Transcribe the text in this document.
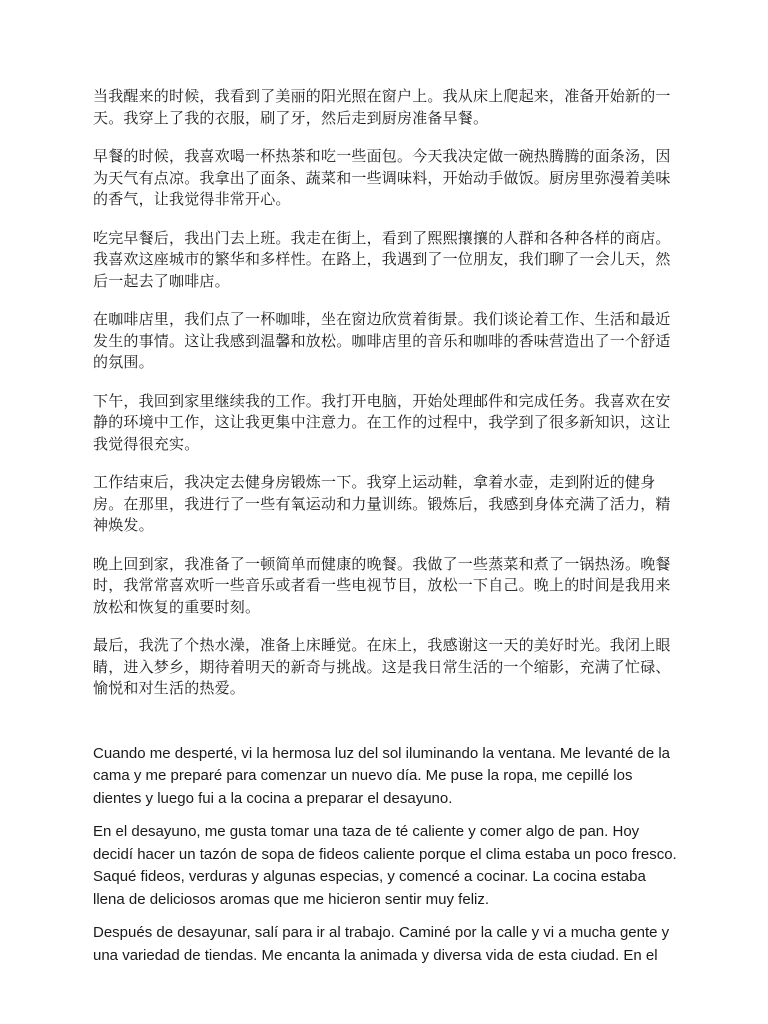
当我醒来的时候，我看到了美丽的阳光照在窗户上。我从床上爬起来，准备开始新的一天。我穿上了我的衣服，刷了牙，然后走到厨房准备早餐。

早餐的时候，我喜欢喝一杯热茶和吃一些面包。今天我决定做一碗热腾腾的面条汤，因为天气有点凉。我拿出了面条、蔬菜和一些调味料，开始动手做饭。厨房里弥漫着美味的香气，让我觉得非常开心。

吃完早餐后，我出门去上班。我走在街上，看到了熙熙攘攘的人群和各种各样的商店。我喜欢这座城市的繁华和多样性。在路上，我遇到了一位朋友，我们聊了一会儿天，然后一起去了咖啡店。

在咖啡店里，我们点了一杯咖啡，坐在窗边欣赏着街景。我们谈论着工作、生活和最近发生的事情。这让我感到温馨和放松。咖啡店里的音乐和咖啡的香味营造出了一个舒适的氛围。

下午，我回到家里继续我的工作。我打开电脑，开始处理邮件和完成任务。我喜欢在安静的环境中工作，这让我更集中注意力。在工作的过程中，我学到了很多新知识，这让我觉得很充实。

工作结束后，我决定去健身房锻炼一下。我穿上运动鞋，拿着水壶，走到附近的健身房。在那里，我进行了一些有氧运动和力量训练。锻炼后，我感到身体充满了活力，精神焕发。

晚上回到家，我准备了一顿简单而健康的晚餐。我做了一些蒸菜和煮了一锅热汤。晚餐时，我常常喜欢听一些音乐或者看一些电视节目，放松一下自己。晚上的时间是我用来放松和恢复的重要时刻。

最后，我洗了个热水澡，准备上床睡觉。在床上，我感谢这一天的美好时光。我闭上眼睛，进入梦乡，期待着明天的新奇与挑战。这是我日常生活的一个缩影，充满了忙碌、愉悦和对生活的热爱。

Cuando me desperté, vi la hermosa luz del sol iluminando la ventana. Me levanté de la cama y me preparé para comenzar un nuevo día. Me puse la ropa, me cepillé los dientes y luego fui a la cocina a preparar el desayuno.

En el desayuno, me gusta tomar una taza de té caliente y comer algo de pan. Hoy decidí hacer un tazón de sopa de fideos caliente porque el clima estaba un poco fresco. Saqué fideos, verduras y algunas especias, y comencé a cocinar. La cocina estaba llena de deliciosos aromas que me hicieron sentir muy feliz.

Después de desayunar, salí para ir al trabajo. Caminé por la calle y vi a mucha gente y una variedad de tiendas. Me encanta la animada y diversa vida de esta ciudad. En el
